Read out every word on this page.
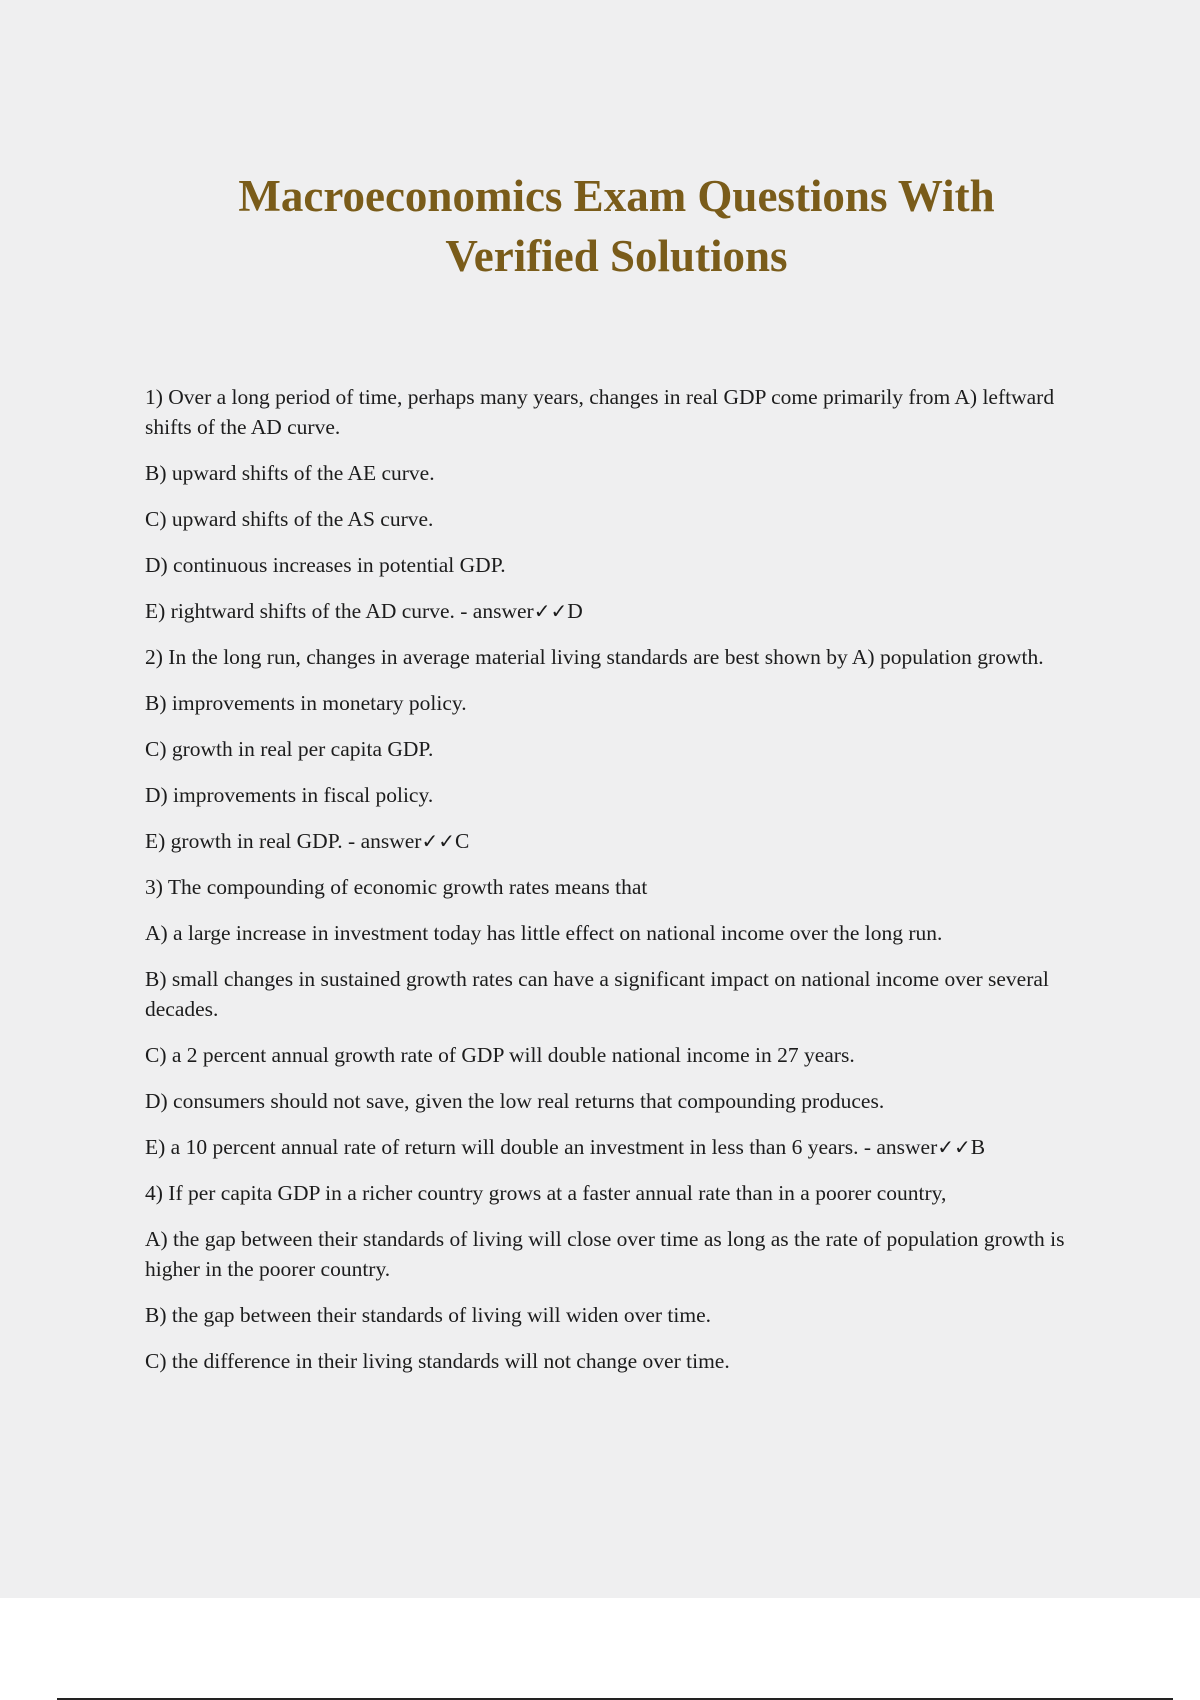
Macroeconomics Exam Questions With
Verified Solutions

1) Over a long period of time, perhaps many years, changes in real GDP come primarily from A) leftward shifts of the AD curve.

B) upward shifts of the AE curve.

C) upward shifts of the AS curve.

D) continuous increases in potential GDP.

E) rightward shifts of the AD curve. - answer✓✓D

2) In the long run, changes in average material living standards are best shown by A) population growth.

B) improvements in monetary policy.

C) growth in real per capita GDP.

D) improvements in fiscal policy.

E) growth in real GDP. - answer✓✓C

3) The compounding of economic growth rates means that

A) a large increase in investment today has little effect on national income over the long run.

B) small changes in sustained growth rates can have a significant impact on national income over several decades.

C) a 2 percent annual growth rate of GDP will double national income in 27 years.

D) consumers should not save, given the low real returns that compounding produces.

E) a 10 percent annual rate of return will double an investment in less than 6 years. - answer✓✓B

4) If per capita GDP in a richer country grows at a faster annual rate than in a poorer country,

A) the gap between their standards of living will close over time as long as the rate of population growth is higher in the poorer country.

B) the gap between their standards of living will widen over time.

C) the difference in their living standards will not change over time.
